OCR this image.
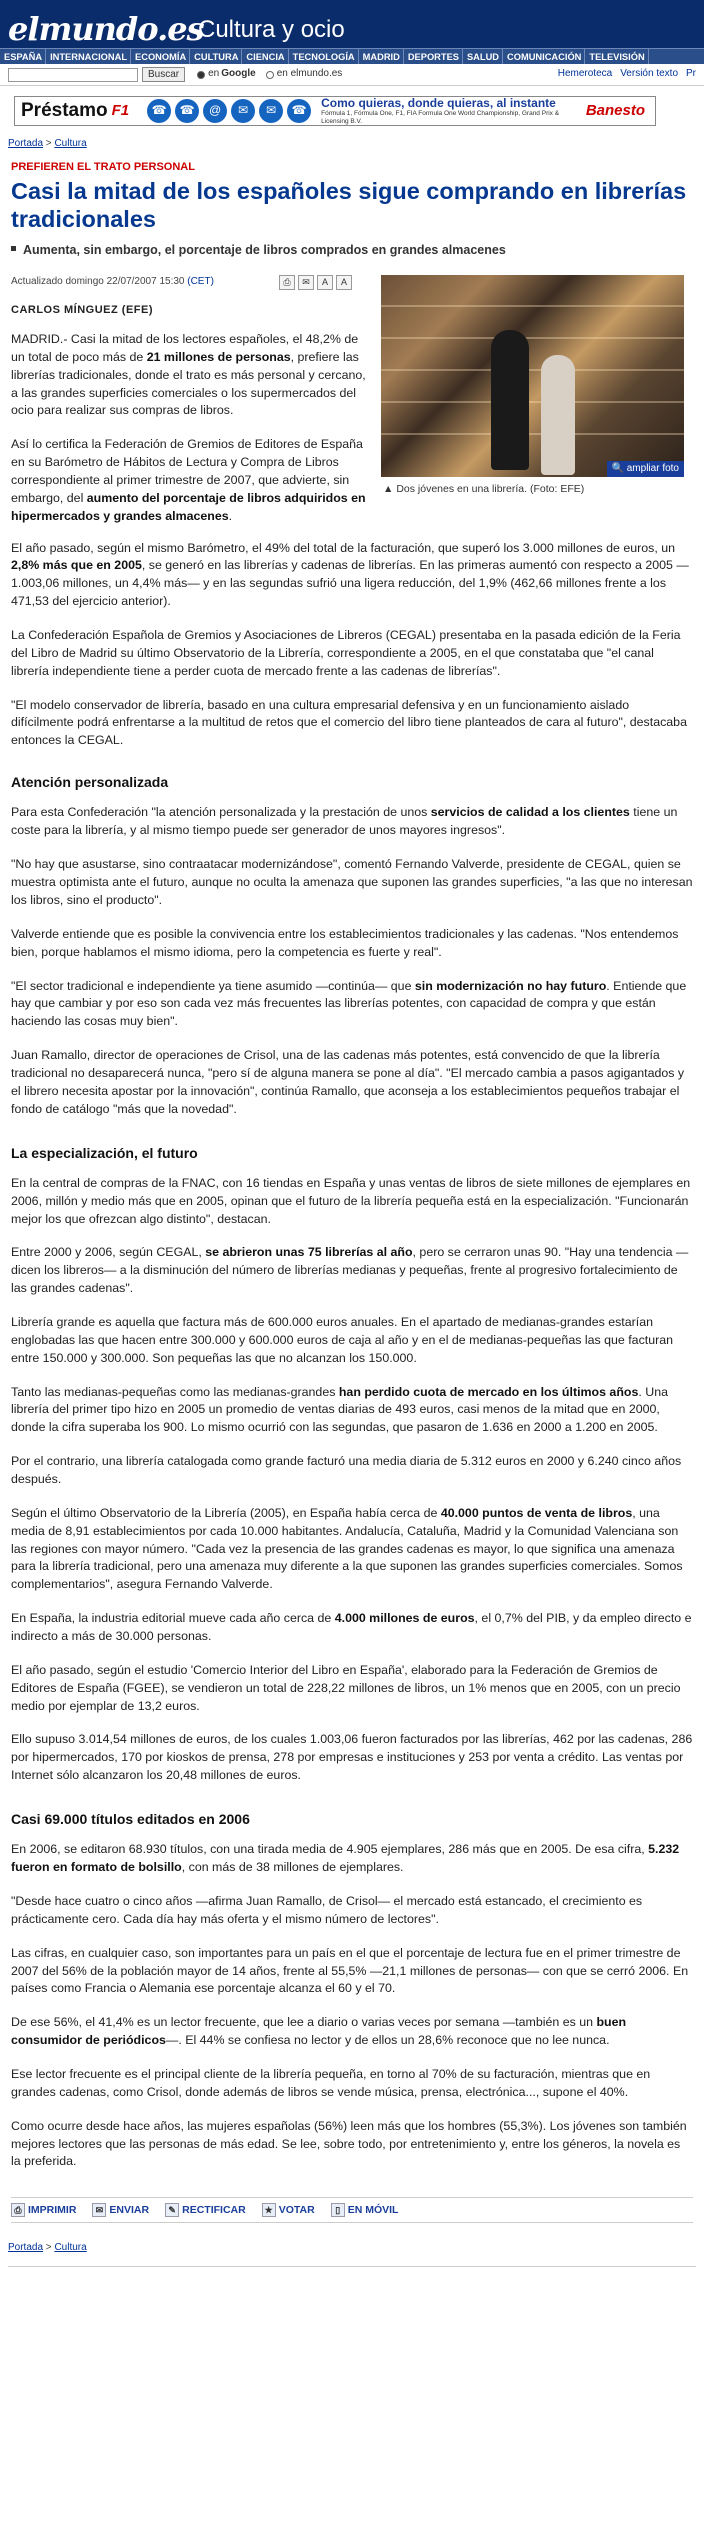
elmundo.es
Cultura y ocio
ESPAÑA INTERNACIONAL ECONOMÍA CULTURA CIENCIA TECNOLOGÍA MADRID DEPORTES SALUD COMUNICACIÓN TELEVISIÓN
Buscar	en Google en elmundo.es	Hemeroteca Versión texto Pr
Préstamo F1	☎	☎	@	✉	✉	☎
Como quieras, donde quieras, al instante
Fórmula 1, Fórmula One, F1, FIA Formula One World Championship, Grand Prix & Licensing B.V.
Banesto
Portada > Cultura
PREFIEREN EL TRATO PERSONAL
Casi la mitad de los españoles sigue comprando en librerías tradicionales
Aumenta, sin embargo, el porcentaje de libros comprados en grandes almacenes
Actualizado domingo 22/07/2007 15:30 (CET)	⎙	✉	A	A
🔍 ampliar foto
▲ Dos jóvenes en una librería. (Foto: EFE)
CARLOS MÍNGUEZ (EFE)

MADRID.- Casi la mitad de los lectores españoles, el 48,2% de un total de poco más de 21 millones de personas, prefiere las librerías tradicionales, donde el trato es más personal y cercano, a las grandes superficies comerciales o los supermercados del ocio para realizar sus compras de libros.

Así lo certifica la Federación de Gremios de Editores de España en su Barómetro de Hábitos de Lectura y Compra de Libros correspondiente al primer trimestre de 2007, que advierte, sin embargo, del aumento del porcentaje de libros adquiridos en hipermercados y grandes almacenes.

El año pasado, según el mismo Barómetro, el 49% del total de la facturación, que superó los 3.000 millones de euros, un 2,8% más que en 2005, se generó en las librerías y cadenas de librerías. En las primeras aumentó con respecto a 2005 —1.003,06 millones, un 4,4% más— y en las segundas sufrió una ligera reducción, del 1,9% (462,66 millones frente a los 471,53 del ejercicio anterior).

La Confederación Española de Gremios y Asociaciones de Libreros (CEGAL) presentaba en la pasada edición de la Feria del Libro de Madrid su último Observatorio de la Librería, correspondiente a 2005, en el que constataba que "el canal librería independiente tiene a perder cuota de mercado frente a las cadenas de librerías".

"El modelo conservador de librería, basado en una cultura empresarial defensiva y en un funcionamiento aislado difícilmente podrá enfrentarse a la multitud de retos que el comercio del libro tiene planteados de cara al futuro", destacaba entonces la CEGAL.

Atención personalizada

Para esta Confederación "la atención personalizada y la prestación de unos servicios de calidad a los clientes tiene un coste para la librería, y al mismo tiempo puede ser generador de unos mayores ingresos".

"No hay que asustarse, sino contraatacar modernizándose", comentó Fernando Valverde, presidente de CEGAL, quien se muestra optimista ante el futuro, aunque no oculta la amenaza que suponen las grandes superficies, "a las que no interesan los libros, sino el producto".

Valverde entiende que es posible la convivencia entre los establecimientos tradicionales y las cadenas. "Nos entendemos bien, porque hablamos el mismo idioma, pero la competencia es fuerte y real".

"El sector tradicional e independiente ya tiene asumido —continúa— que sin modernización no hay futuro. Entiende que hay que cambiar y por eso son cada vez más frecuentes las librerías potentes, con capacidad de compra y que están haciendo las cosas muy bien".

Juan Ramallo, director de operaciones de Crisol, una de las cadenas más potentes, está convencido de que la librería tradicional no desaparecerá nunca, "pero sí de alguna manera se pone al día". "El mercado cambia a pasos agigantados y el librero necesita apostar por la innovación", continúa Ramallo, que aconseja a los establecimientos pequeños trabajar el fondo de catálogo "más que la novedad".

La especialización, el futuro

En la central de compras de la FNAC, con 16 tiendas en España y unas ventas de libros de siete millones de ejemplares en 2006, millón y medio más que en 2005, opinan que el futuro de la librería pequeña está en la especialización. "Funcionarán mejor los que ofrezcan algo distinto", destacan.

Entre 2000 y 2006, según CEGAL, se abrieron unas 75 librerías al año, pero se cerraron unas 90. "Hay una tendencia —dicen los libreros— a la disminución del número de librerías medianas y pequeñas, frente al progresivo fortalecimiento de las grandes cadenas".

Librería grande es aquella que factura más de 600.000 euros anuales. En el apartado de medianas-grandes estarían englobadas las que hacen entre 300.000 y 600.000 euros de caja al año y en el de medianas-pequeñas las que facturan entre 150.000 y 300.000. Son pequeñas las que no alcanzan los 150.000.

Tanto las medianas-pequeñas como las medianas-grandes han perdido cuota de mercado en los últimos años. Una librería del primer tipo hizo en 2005 un promedio de ventas diarias de 493 euros, casi menos de la mitad que en 2000, donde la cifra superaba los 900. Lo mismo ocurrió con las segundas, que pasaron de 1.636 en 2000 a 1.200 en 2005.

Por el contrario, una librería catalogada como grande facturó una media diaria de 5.312 euros en 2000 y 6.240 cinco años después.

Según el último Observatorio de la Librería (2005), en España había cerca de 40.000 puntos de venta de libros, una media de 8,91 establecimientos por cada 10.000 habitantes. Andalucía, Cataluña, Madrid y la Comunidad Valenciana son las regiones con mayor número. "Cada vez la presencia de las grandes cadenas es mayor, lo que significa una amenaza para la librería tradicional, pero una amenaza muy diferente a la que suponen las grandes superficies comerciales. Somos complementarios", asegura Fernando Valverde.

En España, la industria editorial mueve cada año cerca de 4.000 millones de euros, el 0,7% del PIB, y da empleo directo e indirecto a más de 30.000 personas.

El año pasado, según el estudio 'Comercio Interior del Libro en España', elaborado para la Federación de Gremios de Editores de España (FGEE), se vendieron un total de 228,22 millones de libros, un 1% menos que en 2005, con un precio medio por ejemplar de 13,2 euros.

Ello supuso 3.014,54 millones de euros, de los cuales 1.003,06 fueron facturados por las librerías, 462 por las cadenas, 286 por hipermercados, 170 por kioskos de prensa, 278 por empresas e instituciones y 253 por venta a crédito. Las ventas por Internet sólo alcanzaron los 20,48 millones de euros.

Casi 69.000 títulos editados en 2006

En 2006, se editaron 68.930 títulos, con una tirada media de 4.905 ejemplares, 286 más que en 2005. De esa cifra, 5.232 fueron en formato de bolsillo, con más de 38 millones de ejemplares.

"Desde hace cuatro o cinco años —afirma Juan Ramallo, de Crisol— el mercado está estancado, el crecimiento es prácticamente cero. Cada día hay más oferta y el mismo número de lectores".

Las cifras, en cualquier caso, son importantes para un país en el que el porcentaje de lectura fue en el primer trimestre de 2007 del 56% de la población mayor de 14 años, frente al 55,5% —21,1 millones de personas— con que se cerró 2006. En países como Francia o Alemania ese porcentaje alcanza el 60 y el 70.

De ese 56%, el 41,4% es un lector frecuente, que lee a diario o varias veces por semana —también es un buen consumidor de periódicos—. El 44% se confiesa no lector y de ellos un 28,6% reconoce que no lee nunca.

Ese lector frecuente es el principal cliente de la librería pequeña, en torno al 70% de su facturación, mientras que en grandes cadenas, como Crisol, donde además de libros se vende música, prensa, electrónica..., supone el 40%.

Como ocurre desde hace años, las mujeres españolas (56%) leen más que los hombres (55,3%). Los jóvenes son también mejores lectores que las personas de más edad. Se lee, sobre todo, por entretenimiento y, entre los géneros, la novela es la preferida.

⎙ IMPRIMIR	✉ ENVIAR	✎ RECTIFICAR	★ VOTAR	▯ EN MÓVIL
Portada > Cultura
